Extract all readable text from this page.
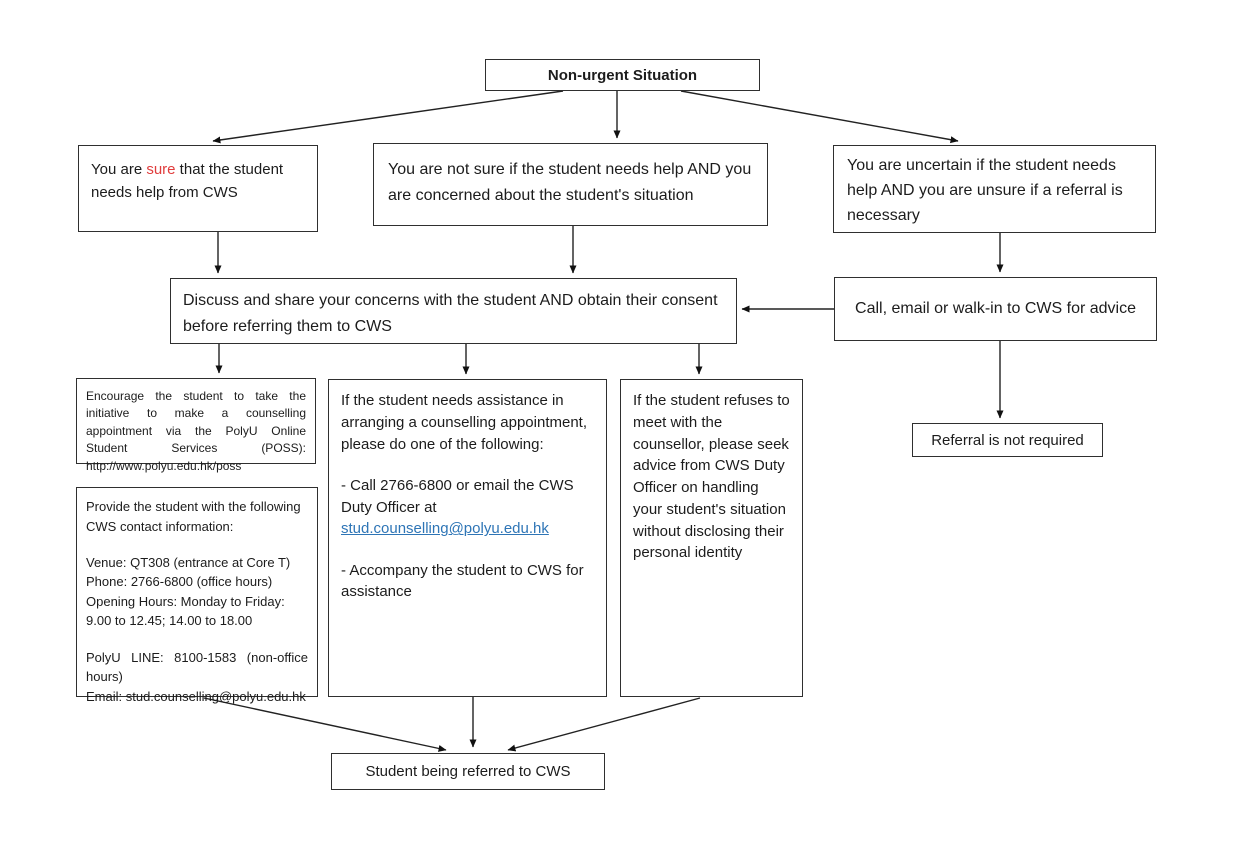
Non-urgent Situation

You are sure that the student needs help from CWS

You are not sure if the student needs help AND you are concerned about the student's situation

You are uncertain if the student needs help AND you are unsure if a referral is necessary

Discuss and share your concerns with the student AND obtain their consent before referring them to CWS

Call, email or walk-in to CWS for advice
Referral is not required

Encourage the student to take the initiative to make a counselling appointment via the PolyU Online Student Services (POSS): http://www.polyu.edu.hk/poss

Provide the student with the following CWS contact information:

Venue: QT308 (entrance at Core T)

Phone: 2766-6800 (office hours)

Opening Hours: Monday to Friday:

9.00 to 12.45; 14.00 to 18.00

PolyU LINE: 8100-1583 (non-office hours)

Email: stud.counselling@polyu.edu.hk

If the student needs assistance in arranging a counselling appointment, please do one of the following:

- Call 2766-6800 or email the CWS Duty Officer at
stud.counselling@polyu.edu.hk

- Accompany the student to CWS for assistance

If the student refuses to meet with the counsellor, please seek advice from CWS Duty Officer on handling your student's situation without disclosing their personal identity

Student being referred to CWS
